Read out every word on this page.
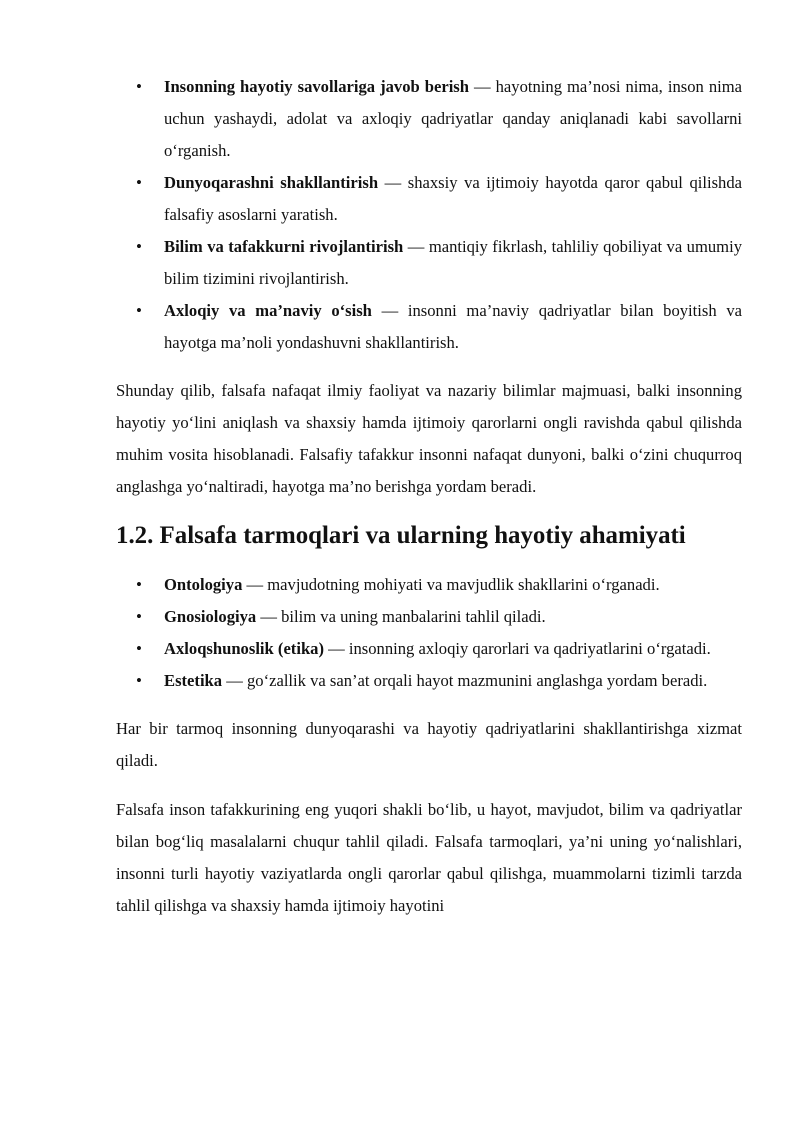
• Insonning hayotiy savollariga javob berish — hayotning ma’nosi nima, inson nima uchun yashaydi, adolat va axloqiy qadriyatlar qanday aniqlanadi kabi savollarni o‘rganish.
• Dunyoqarashni shakllantirish — shaxsiy va ijtimoiy hayotda qaror qabul qilishda falsafiy asoslarni yaratish.
• Bilim va tafakkurni rivojlantirish — mantiqiy fikrlash, tahliliy qobiliyat va umumiy bilim tizimini rivojlantirish.
• Axloqiy va ma’naviy o‘sish — insonni ma’naviy qadriyatlar bilan boyitish va hayotga ma’noli yondashuvni shakllantirish.

Shunday qilib, falsafa nafaqat ilmiy faoliyat va nazariy bilimlar majmuasi, balki insonning hayotiy yo‘lini aniqlash va shaxsiy hamda ijtimoiy qarorlarni ongli ravishda qabul qilishda muhim vosita hisoblanadi. Falsafiy tafakkur insonni nafaqat dunyoni, balki o‘zini chuqurroq anglashga yo‘naltiradi, hayotga ma’no berishga yordam beradi.

1.2. Falsafa tarmoqlari va ularning hayotiy ahamiyati
• Ontologiya — mavjudotning mohiyati va mavjudlik shakllarini o‘rganadi.
• Gnosiologiya — bilim va uning manbalarini tahlil qiladi.
• Axloqshunoslik (etika) — insonning axloqiy qarorlari va qadriyatlarini o‘rgatadi.
• Estetika — go‘zallik va san’at orqali hayot mazmunini anglashga yordam beradi.

Har bir tarmoq insonning dunyoqarashi va hayotiy qadriyatlarini shakllantirishga xizmat qiladi.

Falsafa inson tafakkurining eng yuqori shakli bo‘lib, u hayot, mavjudot, bilim va qadriyatlar bilan bog‘liq masalalarni chuqur tahlil qiladi. Falsafa tarmoqlari, ya’ni uning yo‘nalishlari, insonni turli hayotiy vaziyatlarda ongli qarorlar qabul qilishga, muammolarni tizimli tarzda tahlil qilishga va shaxsiy hamda ijtimoiy hayotini
